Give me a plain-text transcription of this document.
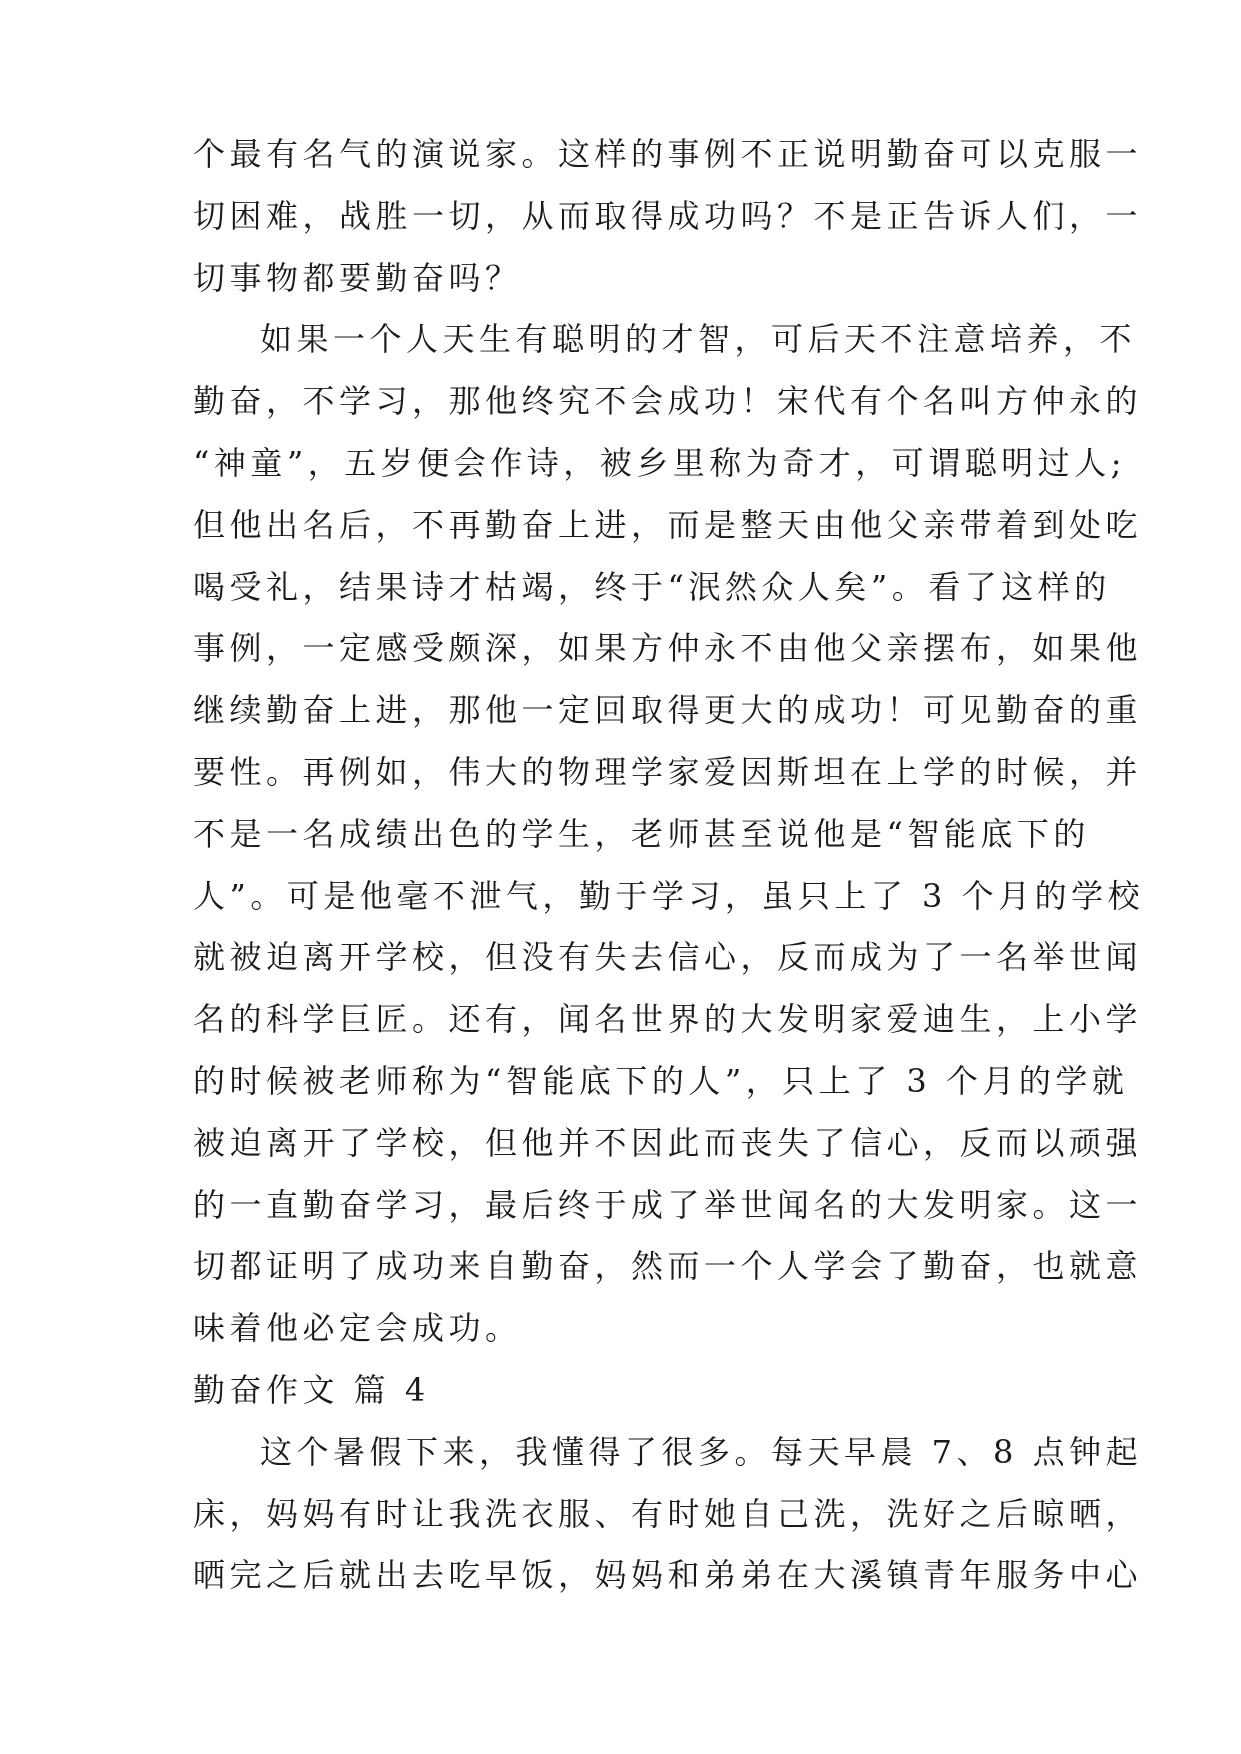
个最有名气的演说家。这样的事例不正说明勤奋可以克服一
切困难，战胜一切，从而取得成功吗？不是正告诉人们，一
切事物都要勤奋吗？
如果一个人天生有聪明的才智，可后天不注意培养，不
勤奋，不学习，那他终究不会成功！宋代有个名叫方仲永的
“神童”，五岁便会作诗，被乡里称为奇才，可谓聪明过人;
但他出名后，不再勤奋上进，而是整天由他父亲带着到处吃
喝受礼，结果诗才枯竭，终于“泯然众人矣”。看了这样的
事例，一定感受颇深，如果方仲永不由他父亲摆布，如果他
继续勤奋上进，那他一定回取得更大的成功！可见勤奋的重
要性。再例如，伟大的物理学家爱因斯坦在上学的时候，并
不是一名成绩出色的学生，老师甚至说他是“智能底下的
人”。可是他毫不泄气，勤于学习，虽只上了 3 个月的学校
就被迫离开学校，但没有失去信心，反而成为了一名举世闻
名的科学巨匠。还有，闻名世界的大发明家爱迪生，上小学
的时候被老师称为“智能底下的人”，只上了 3 个月的学就
被迫离开了学校，但他并不因此而丧失了信心，反而以顽强
的一直勤奋学习，最后终于成了举世闻名的大发明家。这一
切都证明了成功来自勤奋，然而一个人学会了勤奋，也就意
味着他必定会成功。
勤奋作文 篇 4
这个暑假下来，我懂得了很多。每天早晨 7、8 点钟起
床，妈妈有时让我洗衣服、有时她自己洗，洗好之后晾晒，
晒完之后就出去吃早饭，妈妈和弟弟在大溪镇青年服务中心
